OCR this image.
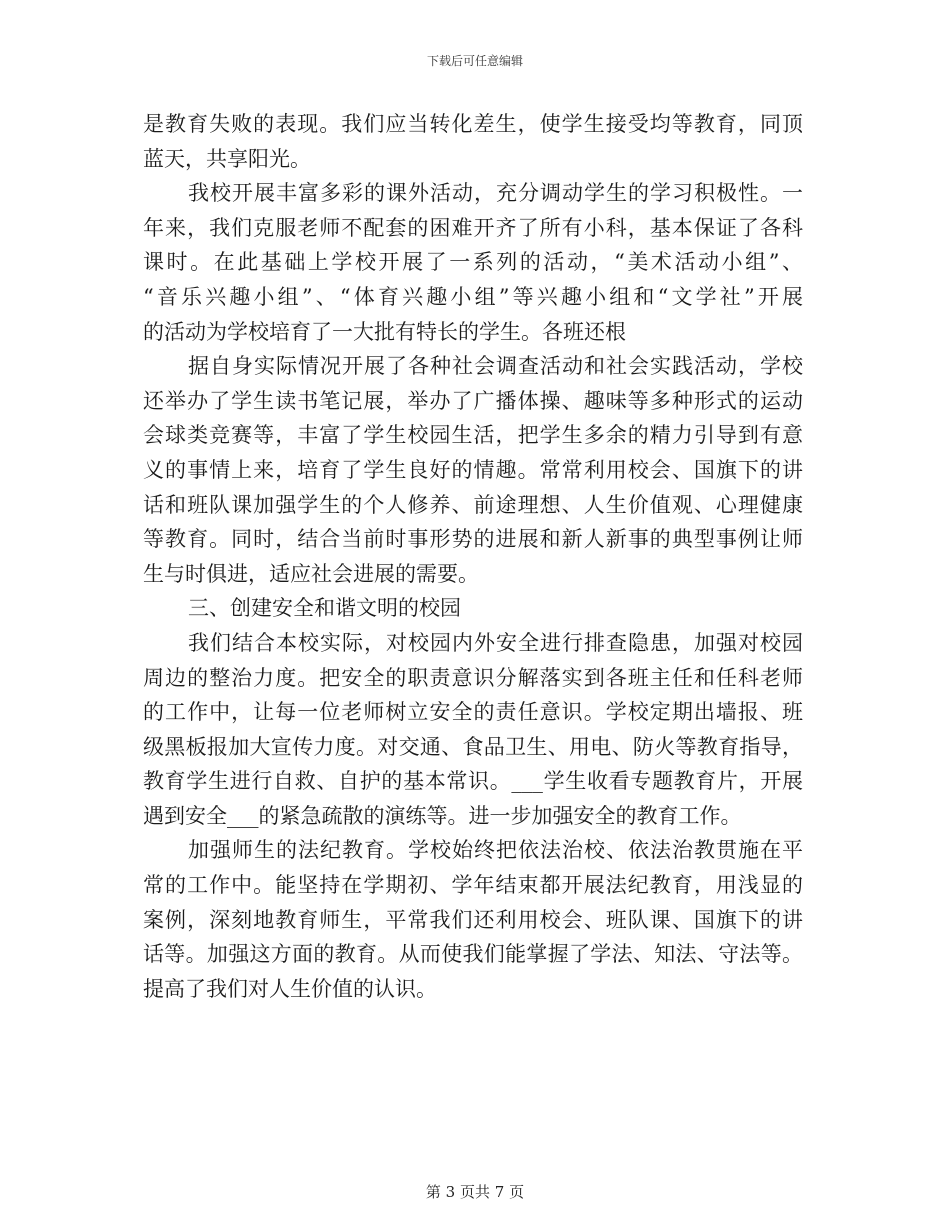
下载后可任意编辑
是教育失败的表现。我们应当转化差生，使学生接受均等教育，同顶
蓝天，共享阳光。
我校开展丰富多彩的课外活动，充分调动学生的学习积极性。一
年来，我们克服老师不配套的困难开齐了所有小科，基本保证了各科
课时。在此基础上学校开展了一系列的活动，“美术活动小组”、
“音乐兴趣小组”、“体育兴趣小组”等兴趣小组和“文学社”开展
的活动为学校培育了一大批有特长的学生。各班还根
据自身实际情况开展了各种社会调查活动和社会实践活动，学校
还举办了学生读书笔记展，举办了广播体操、趣味等多种形式的运动
会球类竞赛等，丰富了学生校园生活，把学生多余的精力引导到有意
义的事情上来，培育了学生良好的情趣。常常利用校会、国旗下的讲
话和班队课加强学生的个人修养、前途理想、人生价值观、心理健康
等教育。同时，结合当前时事形势的进展和新人新事的典型事例让师
生与时俱进，适应社会进展的需要。
三、创建安全和谐文明的校园
我们结合本校实际，对校园内外安全进行排查隐患，加强对校园
周边的整治力度。把安全的职责意识分解落实到各班主任和任科老师
的工作中，让每一位老师树立安全的责任意识。学校定期出墙报、班
级黑板报加大宣传力度。对交通、食品卫生、用电、防火等教育指导，
教育学生进行自救、自护的基本常识。___学生收看专题教育片，开展
遇到安全___的紧急疏散的演练等。进一步加强安全的教育工作。
加强师生的法纪教育。学校始终把依法治校、依法治教贯施在平
常的工作中。能坚持在学期初、学年结束都开展法纪教育，用浅显的
案例，深刻地教育师生，平常我们还利用校会、班队课、国旗下的讲
话等。加强这方面的教育。从而使我们能掌握了学法、知法、守法等。
提高了我们对人生价值的认识。
第 3 页共 7 页
